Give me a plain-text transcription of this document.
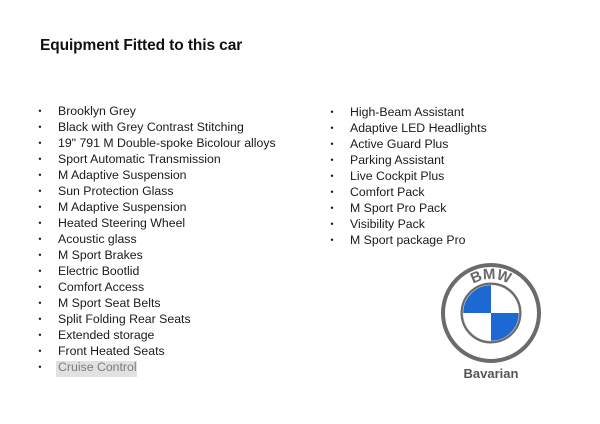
Equipment Fitted to this car
• Brooklyn Grey
• Black with Grey Contrast Stitching
• 19" 791 M Double-spoke Bicolour alloys
• Sport Automatic Transmission
• M Adaptive Suspension
• Sun Protection Glass
• M Adaptive Suspension
• Heated Steering Wheel
• Acoustic glass
• M Sport Brakes
• Electric Bootlid
• Comfort Access
• M Sport Seat Belts
• Split Folding Rear Seats
• Extended storage
• Front Heated Seats
•
• High-Beam Assistant
• Adaptive LED Headlights
• Active Guard Plus
• Parking Assistant
• Live Cockpit Plus
• Comfort Pack
• M Sport Pro Pack
• Visibility Pack
• M Sport package Pro
BMW
Bavarian
